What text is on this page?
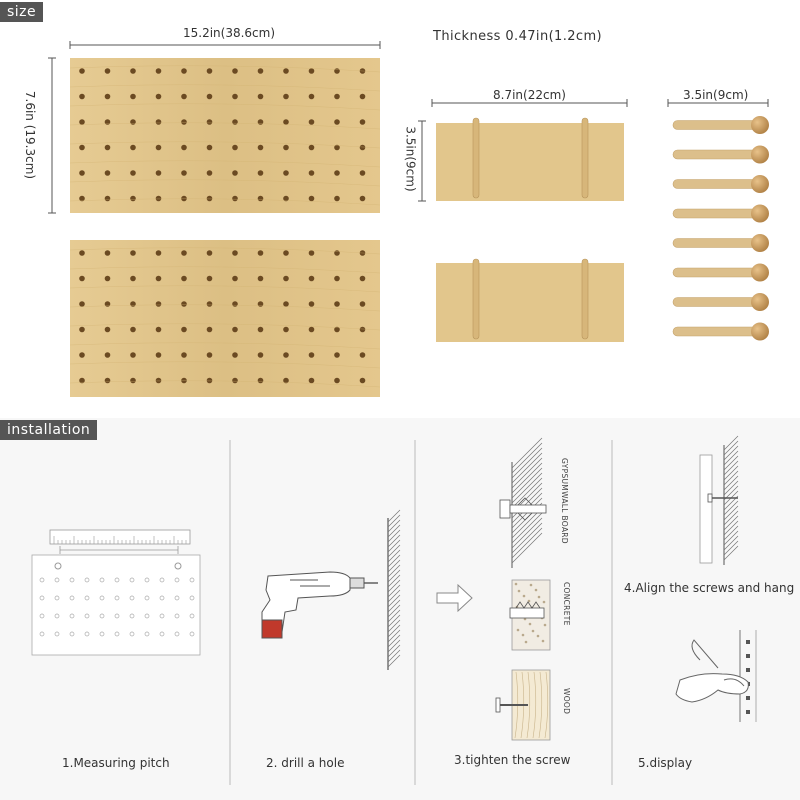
size
15.2in(38.6cm)
7.6in (19.3cm)
Thickness 0.47in(1.2cm)
8.7in(22cm)
3.5in(9cm)
3.5in(9cm)
installation
GYPSUMWALL BOARD
CONCRETE
WOOD
1.Measuring pitch	2. drill a hole	3.tighten the screw
4.Align the screws and hang
5.display
